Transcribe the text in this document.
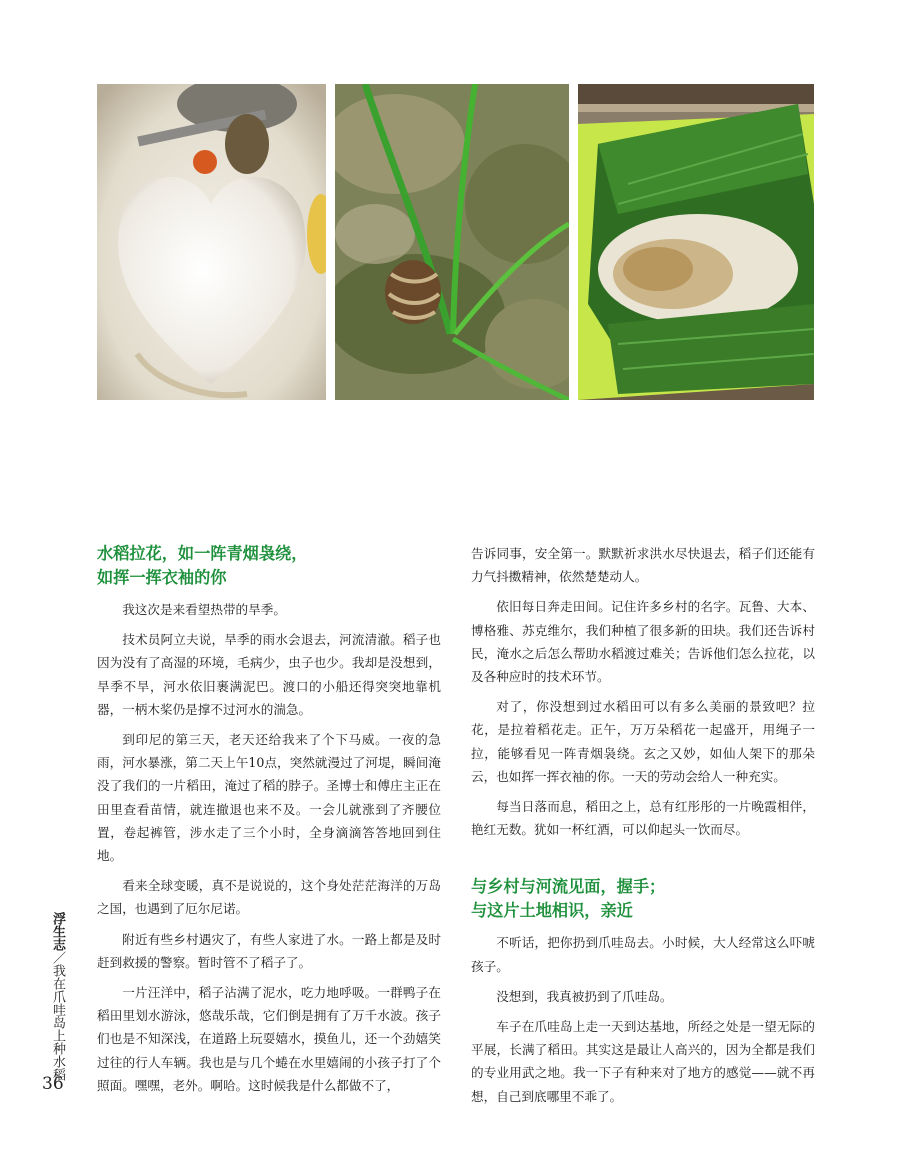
水稻拉花，如一阵青烟袅绕，
如挥一挥衣袖的你

我这次是来看望热带的旱季。

技术员阿立夫说，旱季的雨水会退去，河流清澈。稻子也因为没有了高湿的环境，毛病少，虫子也少。我却是没想到，旱季不旱，河水依旧裹满泥巴。渡口的小船还得突突地靠机器，一柄木桨仍是撑不过河水的湍急。

到印尼的第三天，老天还给我来了个下马威。一夜的急雨，河水暴涨，第二天上午10点，突然就漫过了河堤，瞬间淹没了我们的一片稻田，淹过了稻的脖子。圣博士和傅庄主正在田里查看苗情，就连撤退也来不及。一会儿就涨到了齐腰位置，卷起裤管，涉水走了三个小时，全身滴滴答答地回到住地。

看来全球变暖，真不是说说的，这个身处茫茫海洋的万岛之国，也遇到了厄尔尼诺。

附近有些乡村遇灾了，有些人家进了水。一路上都是及时赶到救援的警察。暂时管不了稻子了。

一片汪洋中，稻子沾满了泥水，吃力地呼吸。一群鸭子在稻田里划水游泳，悠哉乐哉，它们倒是拥有了万千水波。孩子们也是不知深浅，在道路上玩耍嬉水，摸鱼儿，还一个劲嬉笑过往的行人车辆。我也是与几个蜷在水里嬉闹的小孩子打了个照面。嘿嘿，老外。啊哈。这时候我是什么都做不了，

告诉同事，安全第一。默默祈求洪水尽快退去，稻子们还能有力气抖擞精神，依然楚楚动人。

依旧每日奔走田间。记住许多乡村的名字。瓦鲁、大本、博格雅、苏克维尔，我们种植了很多新的田块。我们还告诉村民，淹水之后怎么帮助水稻渡过难关；告诉他们怎么拉花，以及各种应时的技术环节。

对了，你没想到过水稻田可以有多么美丽的景致吧？拉花，是拉着稻花走。正午，万万朵稻花一起盛开，用绳子一拉，能够看见一阵青烟袅绕。玄之又妙，如仙人架下的那朵云，也如挥一挥衣袖的你。一天的劳动会给人一种充实。

每当日落而息，稻田之上，总有红彤彤的一片晚霞相伴，艳红无数。犹如一杯红酒，可以仰起头一饮而尽。

与乡村与河流见面，握手；
与这片土地相识，亲近

不听话，把你扔到爪哇岛去。小时候，大人经常这么吓唬孩子。

没想到，我真被扔到了爪哇岛。

车子在爪哇岛上走一天到达基地，所经之处是一望无际的平展，长满了稻田。其实这是最让人高兴的，因为全都是我们的专业用武之地。我一下子有种来对了地方的感觉——就不再想，自己到底哪里不乖了。

浮生志／我在爪哇岛上种水稻
36
